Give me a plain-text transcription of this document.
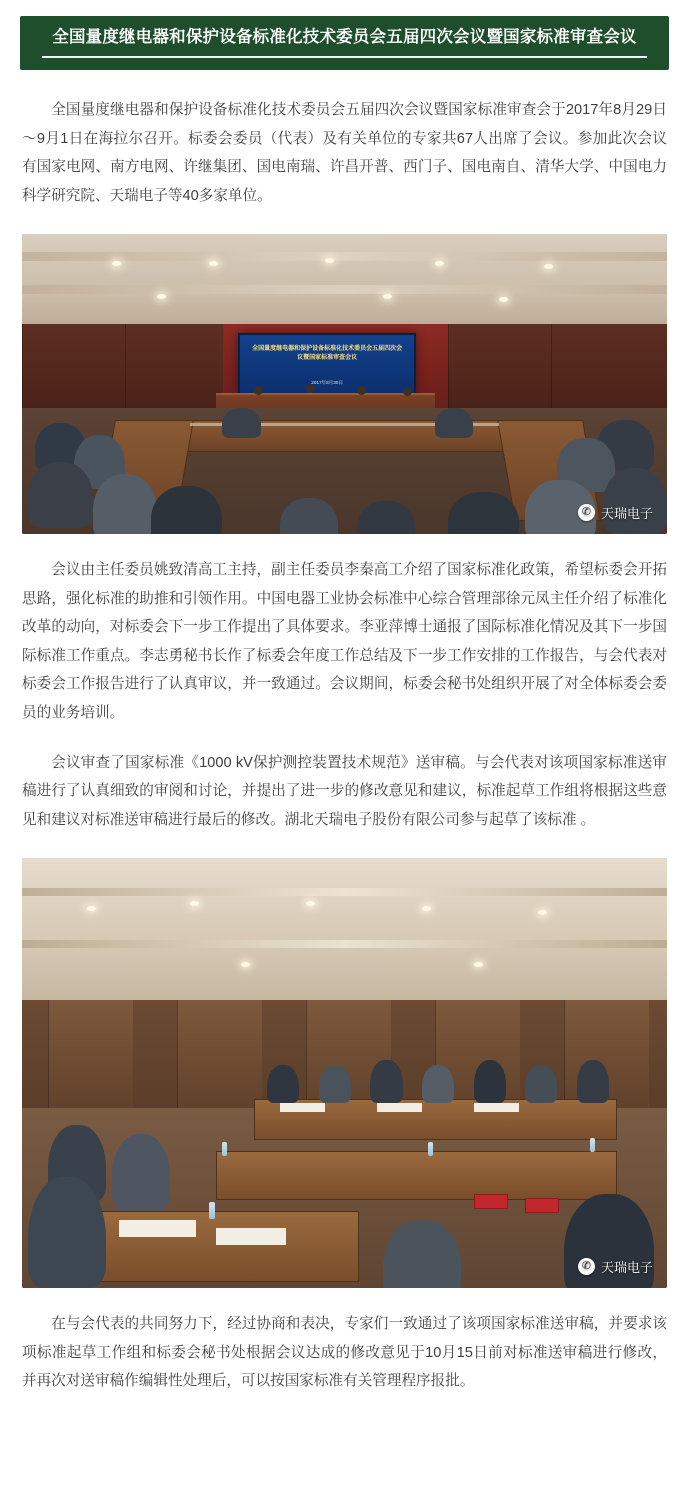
全国量度继电器和保护设备标准化技术委员会五届四次会议暨国家标准审查会议

全国量度继电器和保护设备标准化技术委员会五届四次会议暨国家标准审查会于2017年8月29日～9月1日在海拉尔召开。标委会委员（代表）及有关单位的专家共67人出席了会议。参加此次会议有国家电网、南方电网、许继集团、国电南瑞、许昌开普、西门子、国电南自、清华大学、中国电力科学研究院、天瑞电子等40多家单位。

全国量度继电器和保护设备标准化技术委员会五届四次会议暨国家标准审查会议
2017年8月30日
✆ 天瑞电子

会议由主任委员姚致清高工主持，副主任委员李秦高工介绍了国家标准化政策，希望标委会开拓思路，强化标准的助推和引领作用。中国电器工业协会标准中心综合管理部徐元凤主任介绍了标准化改革的动向，对标委会下一步工作提出了具体要求。李亚萍博士通报了国际标准化情况及其下一步国际标准工作重点。李志勇秘书长作了标委会年度工作总结及下一步工作安排的工作报告，与会代表对标委会工作报告进行了认真审议，并一致通过。会议期间，标委会秘书处组织开展了对全体标委会委员的业务培训。

会议审查了国家标准《1000 kV保护测控装置技术规范》送审稿。与会代表对该项国家标准送审稿进行了认真细致的审阅和讨论，并提出了进一步的修改意见和建议，标准起草工作组将根据这些意见和建议对标准送审稿进行最后的修改。湖北天瑞电子股份有限公司参与起草了该标准 。

✆ 天瑞电子

在与会代表的共同努力下，经过协商和表决，专家们一致通过了该项国家标准送审稿，并要求该项标准起草工作组和标委会秘书处根据会议达成的修改意见于10月15日前对标准送审稿进行修改，并再次对送审稿作编辑性处理后，可以按国家标准有关管理程序报批。
